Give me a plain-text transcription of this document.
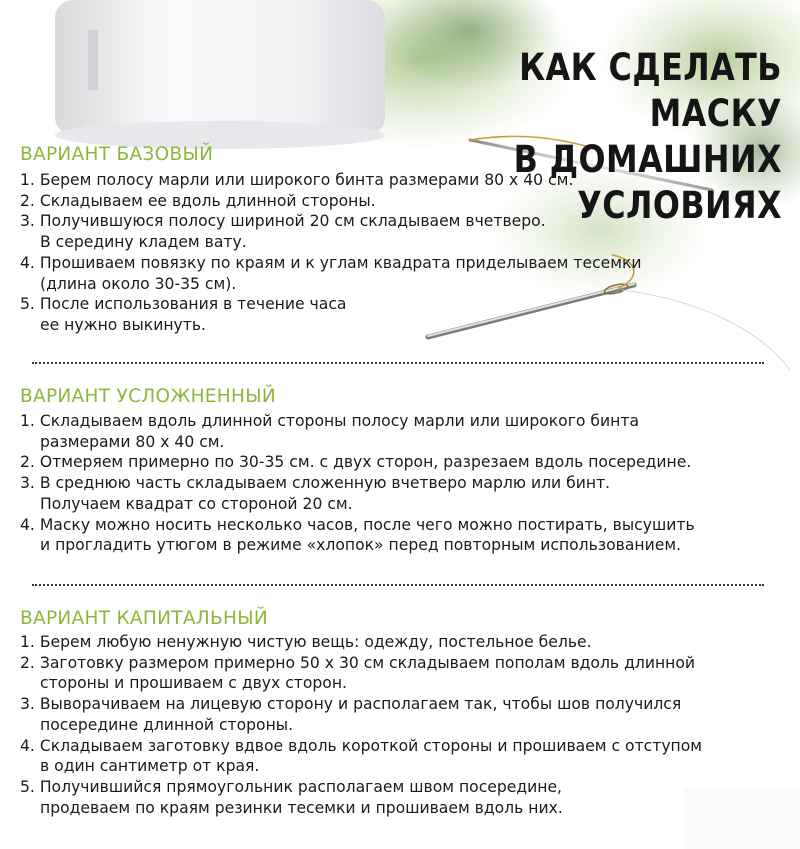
КАК СДЕЛАТЬ МАСКУ
В ДОМАШНИХ
УСЛОВИЯХ
ВАРИАНТ БАЗОВЫЙ
1. Берем полосу марли или широкого бинта размерами 80 х 40 см.
2. Складываем ее вдоль длинной стороны.
3. Получившуюся полосу шириной 20 см складываем вчетверо.
В середину кладем вату.
4. Прошиваем повязку по краям и к углам квадрата приделываем тесемки
(длина около 30-35 см).
5. После использования в течение часа
ее нужно выкинуть.
ВАРИАНТ УСЛОЖНЕННЫЙ
1. Складываем вдоль длинной стороны полосу марли или широкого бинта
размерами 80 х 40 см.
2. Отмеряем примерно по 30-35 см. с двух сторон, разрезаем вдоль посередине.
3. В среднюю часть складываем сложенную вчетверо марлю или бинт.
Получаем квадрат со стороной 20 см.
4. Маску можно носить несколько часов, после чего можно постирать, высушить
и прогладить утюгом в режиме «хлопок» перед повторным использованием.
ВАРИАНТ КАПИТАЛЬНЫЙ
1. Берем любую ненужную чистую вещь: одежду, постельное белье.
2. Заготовку размером примерно 50 х 30 см складываем пополам вдоль длинной
стороны и прошиваем с двух сторон.
3. Выворачиваем на лицевую сторону и располагаем так, чтобы шов получился
посередине длинной стороны.
4. Складываем заготовку вдвое вдоль короткой стороны и прошиваем с отступом
в один сантиметр от края.
5. Получившийся прямоугольник располагаем швом посередине,
продеваем по краям резинки тесемки и прошиваем вдоль них.
